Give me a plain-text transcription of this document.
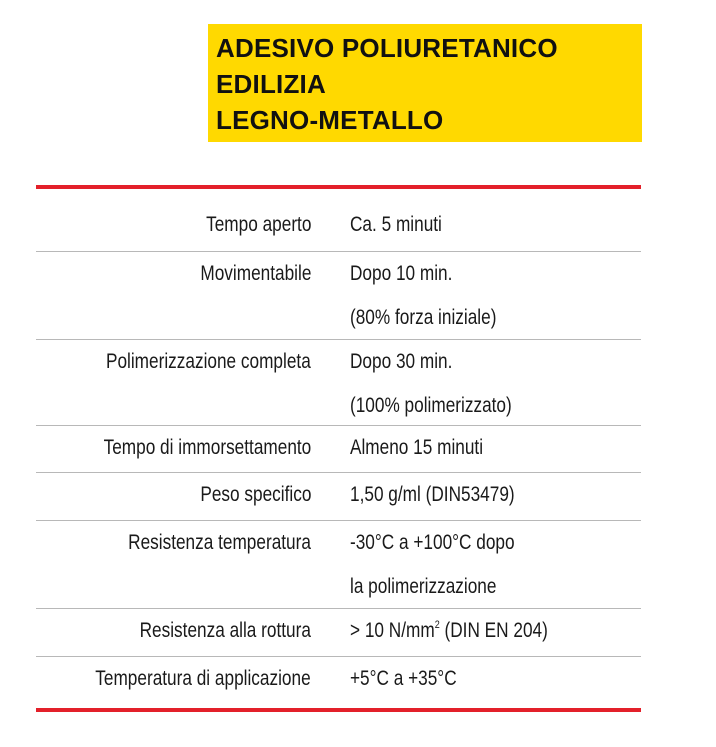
ADESIVO POLIURETANICO
EDILIZIA
LEGNO-METALLO
Tempo aperto Ca. 5 minuti
Movimentabile Dopo 10 min.
(80% forza iniziale)
Polimerizzazione completa Dopo 30 min.
(100% polimerizzato)
Tempo di immorsettamento Almeno 15 minuti
Peso specifico 1,50 g/ml (DIN53479)
Resistenza temperatura -30°C a +100°C dopo
la polimerizzazione
Resistenza alla rottura > 10 $N/mm^2$ (DIN EN 204)
Temperatura di applicazione +5°C a +35°C
